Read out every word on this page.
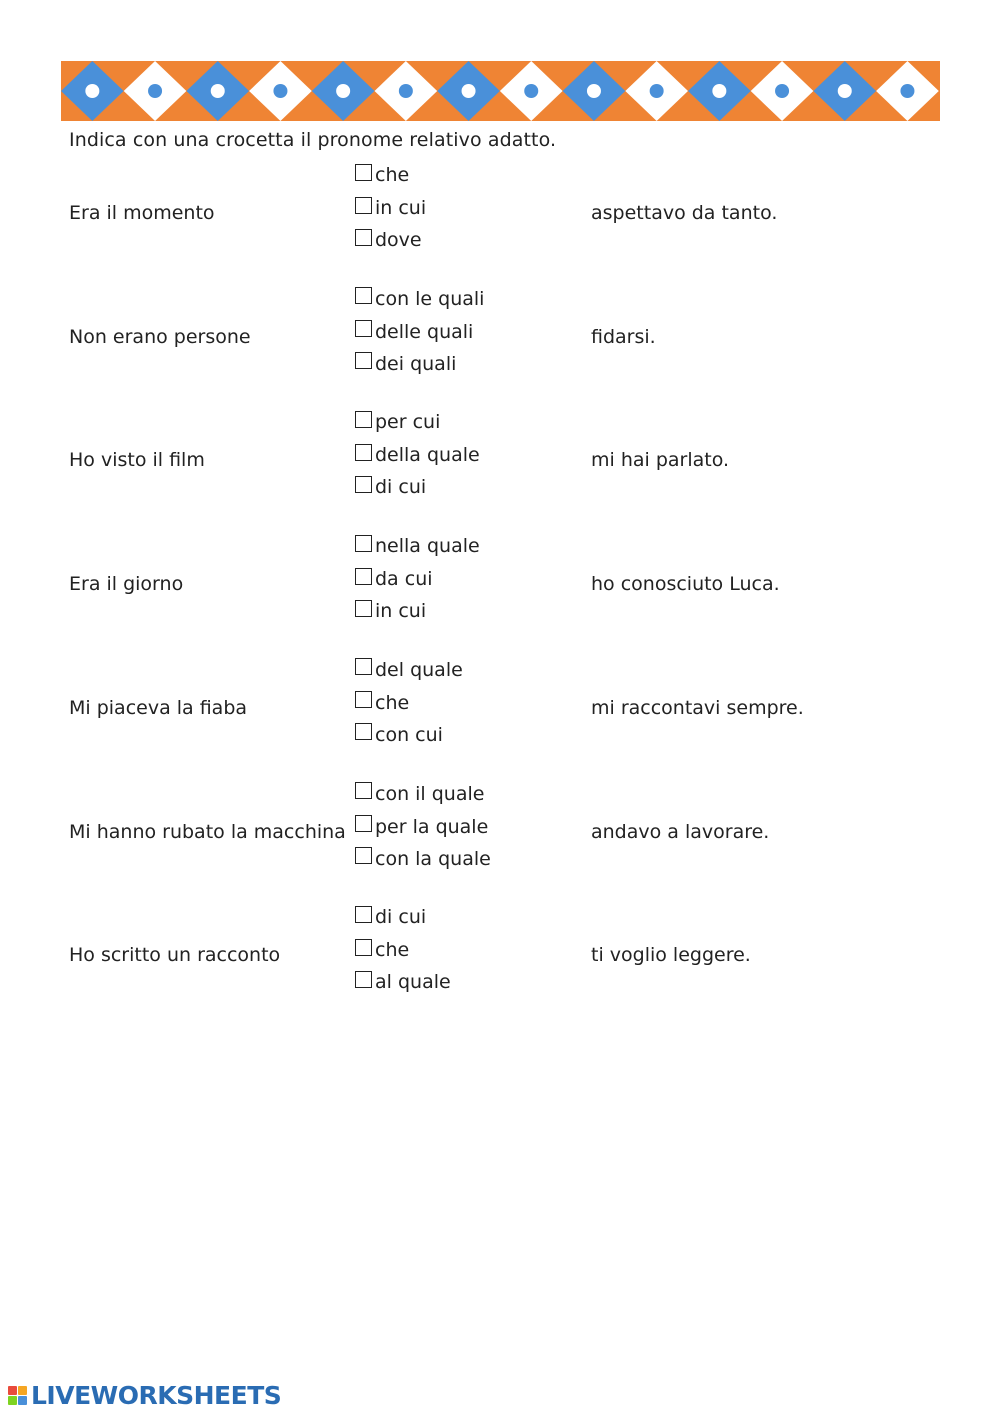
Indica con una crocetta il pronome relativo adatto.
Era il momento
che
in cui
dove
aspettavo da tanto.
Non erano persone
con le quali
delle quali
dei quali
fidarsi.
Ho visto il film
per cui
della quale
di cui
mi hai parlato.
Era il giorno
nella quale
da cui
in cui
ho conosciuto Luca.
Mi piaceva la fiaba
del quale
che
con cui
mi raccontavi sempre.
Mi hanno rubato la macchina
con il quale
per la quale
con la quale
andavo a lavorare.
Ho scritto un racconto
di cui
che
al quale
ti voglio leggere.
LIVEWORKSHEETS
